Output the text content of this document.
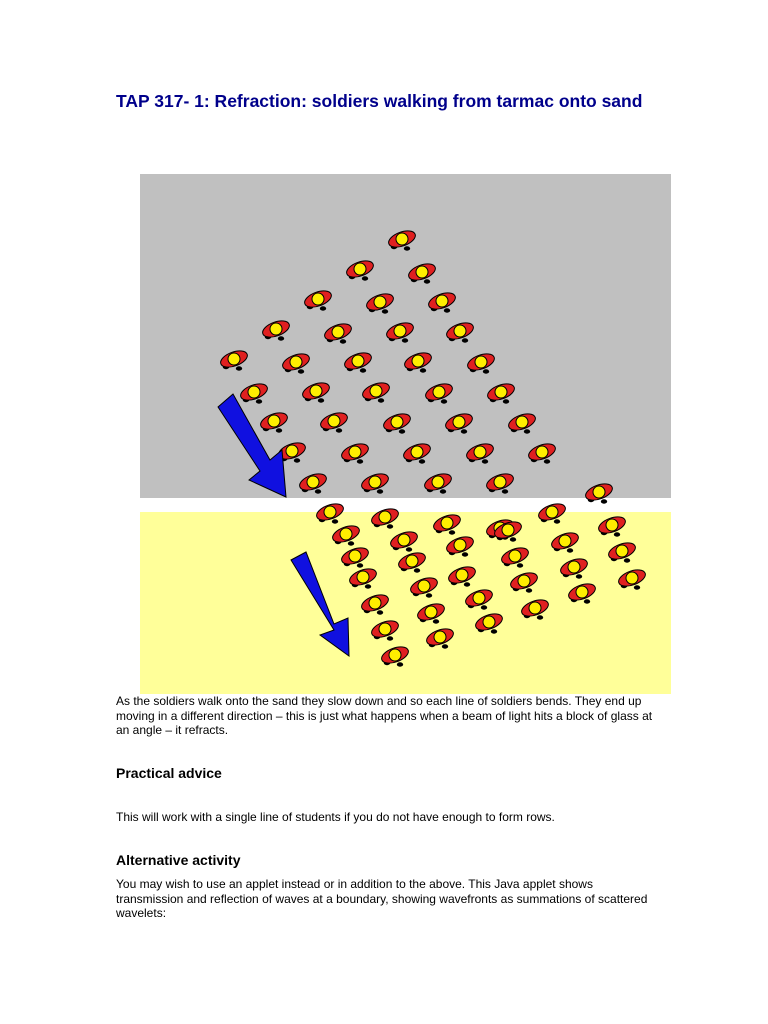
TAP 317- 1: Refraction: soldiers walking from tarmac onto sand

As the soldiers walk onto the sand they slow down and so each line of soldiers bends. They end up moving in a different direction – this is just what happens when a beam of light hits a block of glass at an angle – it refracts.

Practical advice

This will work with a single line of students if you do not have enough to form rows.

Alternative activity

You may wish to use an applet instead or in addition to the above. This Java applet shows transmission and reflection of waves at a boundary, showing wavefronts as summations of scattered wavelets:
